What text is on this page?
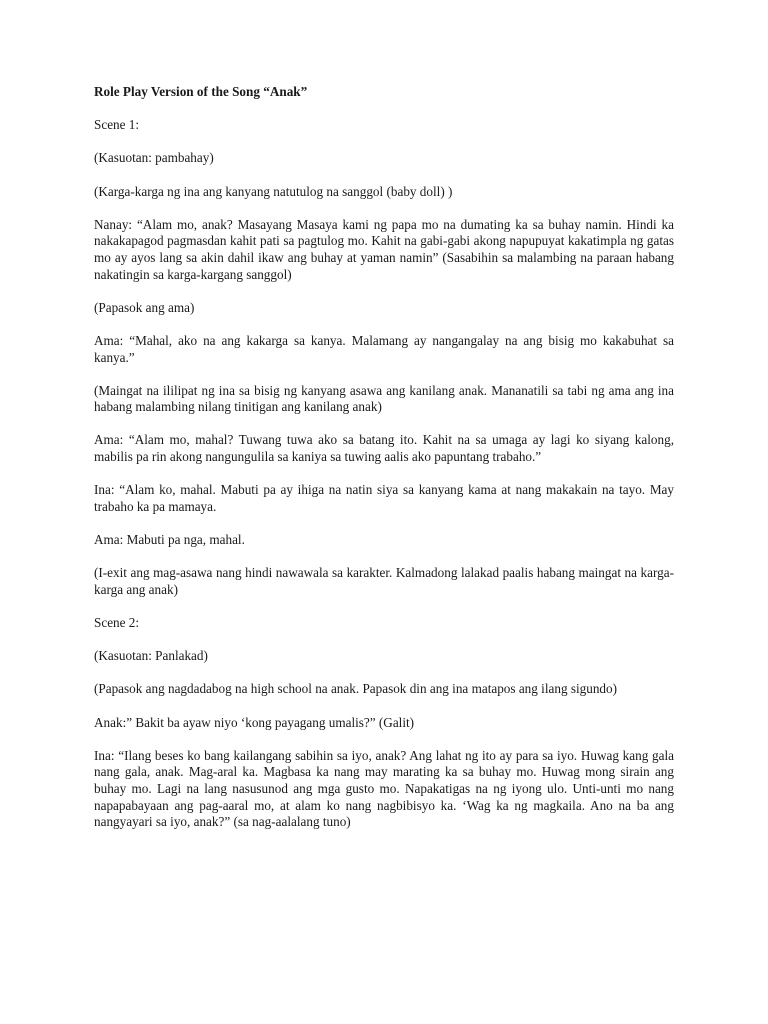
Role Play Version of the Song “Anak”

Scene 1:

(Kasuotan: pambahay)

(Karga-karga ng ina ang kanyang natutulog na sanggol (baby doll) )

Nanay: “Alam mo, anak? Masayang Masaya kami ng papa mo na dumating ka sa buhay namin. Hindi ka nakakapagod pagmasdan kahit pati sa pagtulog mo. Kahit na gabi-gabi akong napupuyat kakatimpla ng gatas mo ay ayos lang sa akin dahil ikaw ang buhay at yaman namin” (Sasabihin sa malambing na paraan habang nakatingin sa karga-kargang sanggol)

(Papasok ang ama)

Ama: “Mahal, ako na ang kakarga sa kanya. Malamang ay nangangalay na ang bisig mo kakabuhat sa kanya.”

(Maingat na ililipat ng ina sa bisig ng kanyang asawa ang kanilang anak. Mananatili sa tabi ng ama ang ina habang malambing nilang tinitigan ang kanilang anak)

Ama: “Alam mo, mahal? Tuwang tuwa ako sa batang ito. Kahit na sa umaga ay lagi ko siyang kalong, mabilis pa rin akong nangungulila sa kaniya sa tuwing aalis ako papuntang trabaho.”

Ina: “Alam ko, mahal. Mabuti pa ay ihiga na natin siya sa kanyang kama at nang makakain na tayo. May trabaho ka pa mamaya.

Ama: Mabuti pa nga, mahal.

(I-exit ang mag-asawa nang hindi nawawala sa karakter. Kalmadong lalakad paalis habang maingat na karga-karga ang anak)

Scene 2:

(Kasuotan: Panlakad)

(Papasok ang nagdadabog na high school na anak. Papasok din ang ina matapos ang ilang sigundo)

Anak:” Bakit ba ayaw niyo ‘kong payagang umalis?” (Galit)

Ina: “Ilang beses ko bang kailangang sabihin sa iyo, anak? Ang lahat ng ito ay para sa iyo. Huwag kang gala nang gala, anak. Mag-aral ka. Magbasa ka nang may marating ka sa buhay mo. Huwag mong sirain ang buhay mo. Lagi na lang nasusunod ang mga gusto mo. Napakatigas na ng iyong ulo. Unti-unti mo nang napapabayaan ang pag-aaral mo, at alam ko nang nagbibisyo ka. ‘Wag ka ng magkaila. Ano na ba ang nangyayari sa iyo, anak?” (sa nag-aalalang tuno)
